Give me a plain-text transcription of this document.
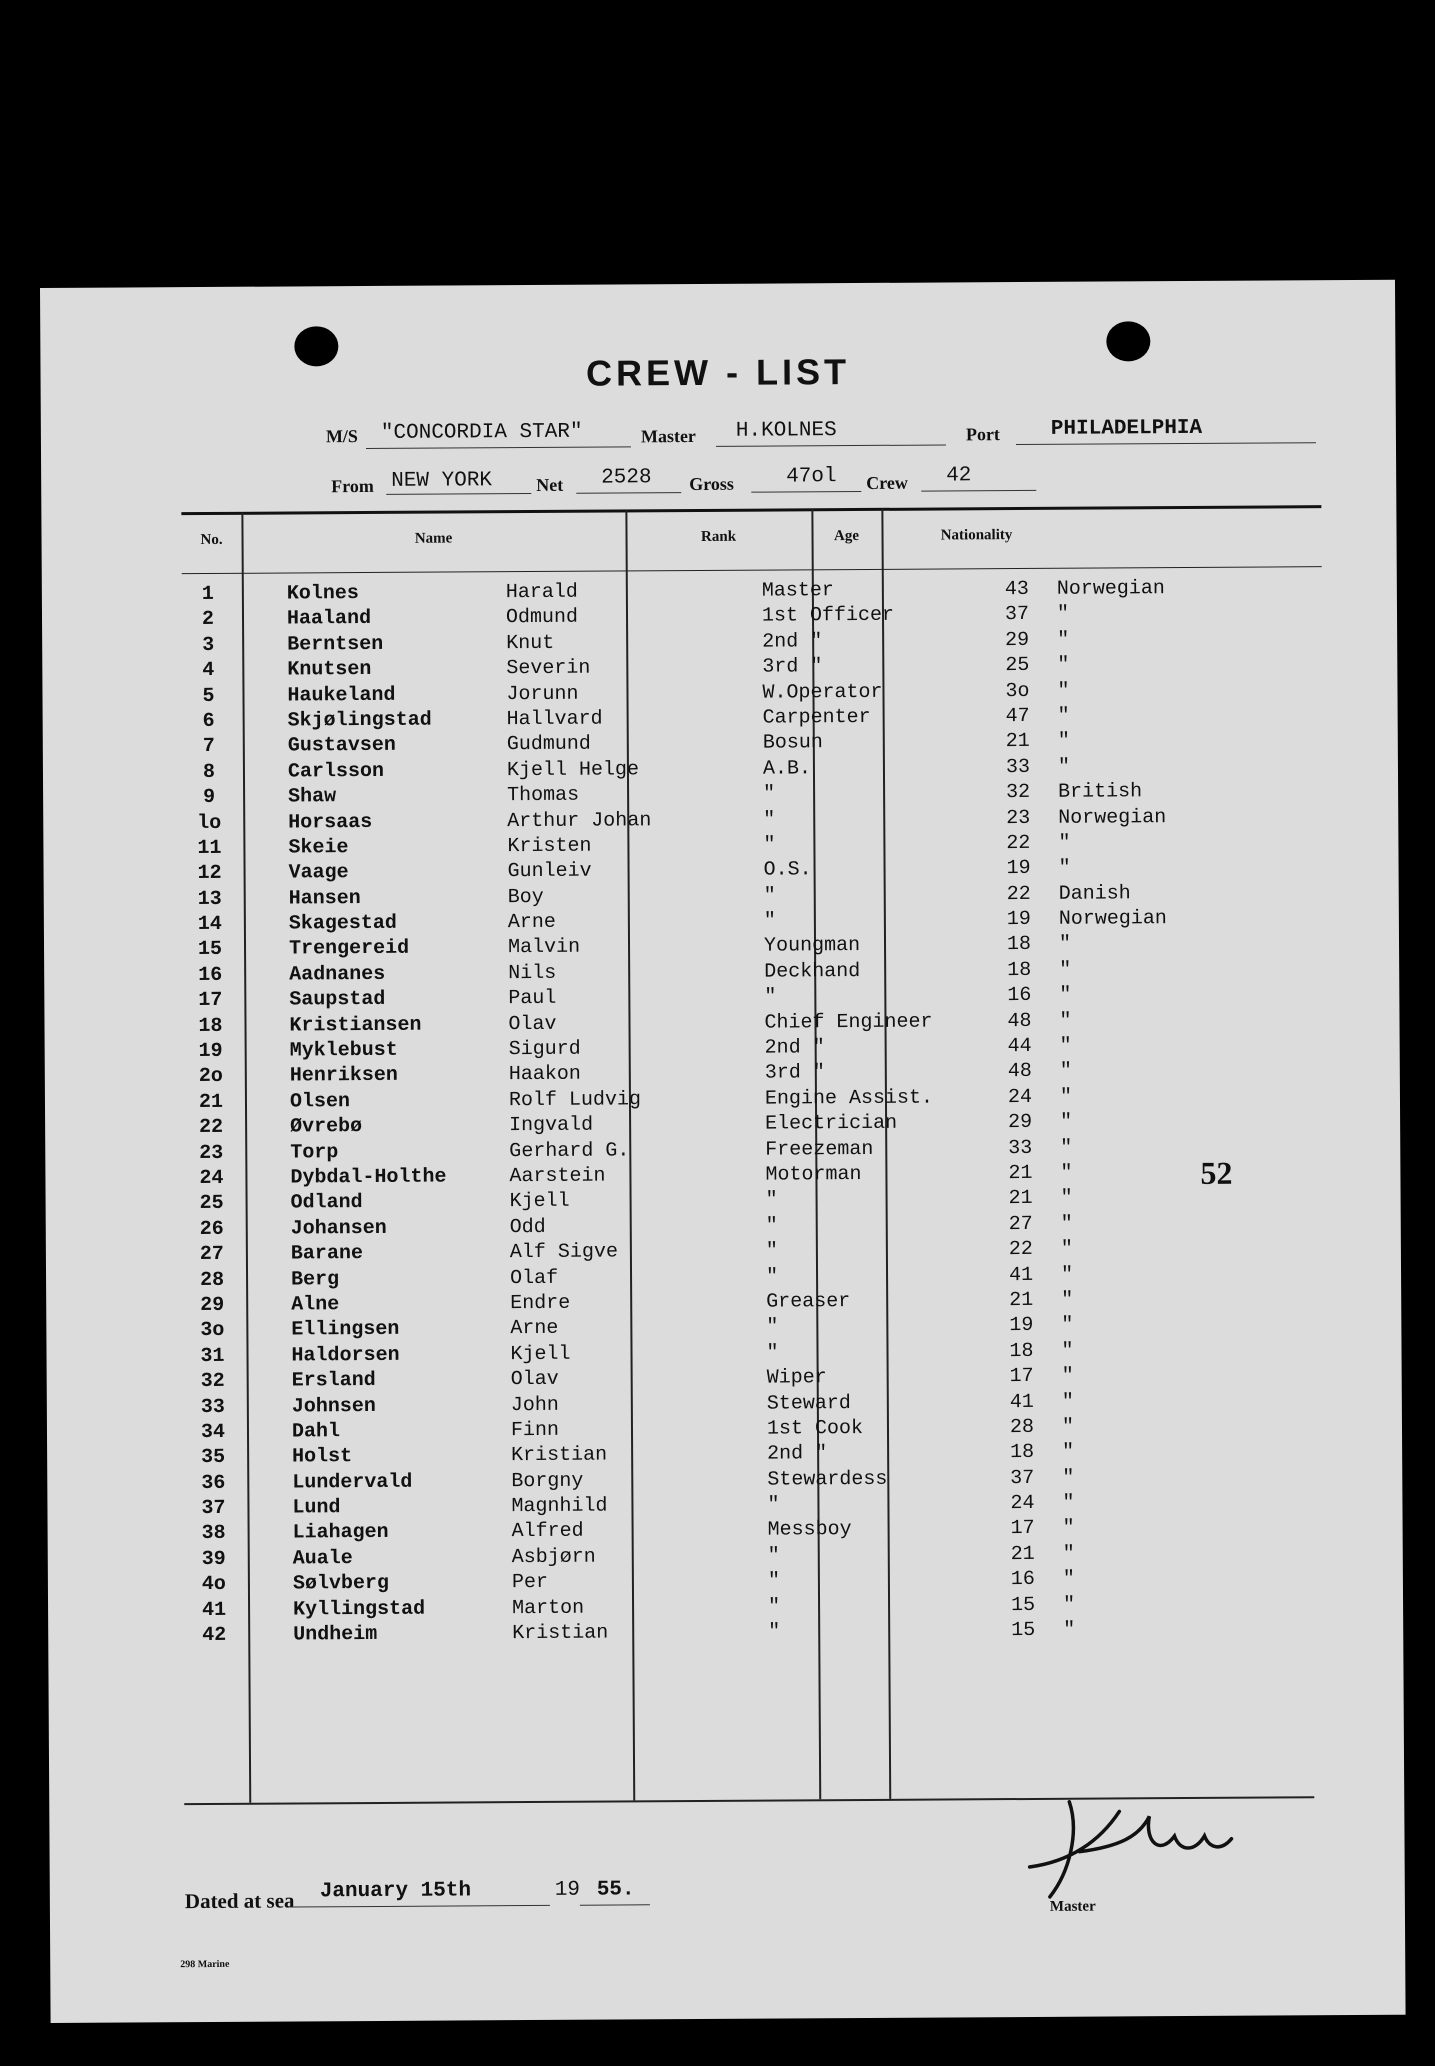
CREW - LIST
M/S "CONCORDIA STAR"	Master H.KOLNES	Port PHILADELPHIA
From NEW YORK Net 2528 Gross 47ol Crew 42
No.	Name	Rank	Age	Nationality
1	Kolnes	Harald	Master	43	Norwegian
2	Haaland	Odmund	1st Officer	37	"
3	Berntsen	Knut	2nd "	29	"
4	Knutsen	Severin	3rd "	25	"
5	Haukeland	Jorunn	W.Operator	3o	"
6	Skjølingstad	Hallvard	Carpenter	47	"
7	Gustavsen	Gudmund	Bosun	21	"
8	Carlsson	Kjell Helge	A.B.	33	"
9	Shaw	Thomas	"	32	British
lo	Horsaas	Arthur Johan	"	23	Norwegian
11	Skeie	Kristen	"	22	"
12	Vaage	Gunleiv	O.S.	19	"
13	Hansen	Boy	"	22	Danish
14	Skagestad	Arne	"	19	Norwegian
15	Trengereid	Malvin	Youngman	18	"
16	Aadnanes	Nils	Deckhand	18	"
17	Saupstad	Paul	"	16	"
18	Kristiansen	Olav	Chief Engineer	48	"
19	Myklebust	Sigurd	2nd "	44	"
2o	Henriksen	Haakon	3rd "	48	"
21	Olsen	Rolf Ludvig	Engine Assist.	24	"
22	Øvrebø	Ingvald	Electrician	29	"
23	Torp	Gerhard G.	Freezeman	33	"
24	Dybdal-Holthe	Aarstein	Motorman	21	"
25	Odland	Kjell	"	21	"
26	Johansen	Odd	"	27	"
27	Barane	Alf Sigve	"	22	"
28	Berg	Olaf	"	41	"
29	Alne	Endre	Greaser	21	"
3o	Ellingsen	Arne	"	19	"
31	Haldorsen	Kjell	"	18	"
32	Ersland	Olav	Wiper	17	"
33	Johnsen	John	Steward	41	"
34	Dahl	Finn	1st Cook	28	"
35	Holst	Kristian	2nd "	18	"
36	Lundervald	Borgny	Stewardess	37	"
37	Lund	Magnhild	"	24	"
38	Liahagen	Alfred	Messboy	17	"
39	Auale	Asbjørn	"	21	"
4o	Sølvberg	Per	"	16	"
41	Kyllingstad	Marton	"	15	"
42	Undheim	Kristian	"	15	"
52
Dated at sea January 15th	19 55.
Master
298 Marine
